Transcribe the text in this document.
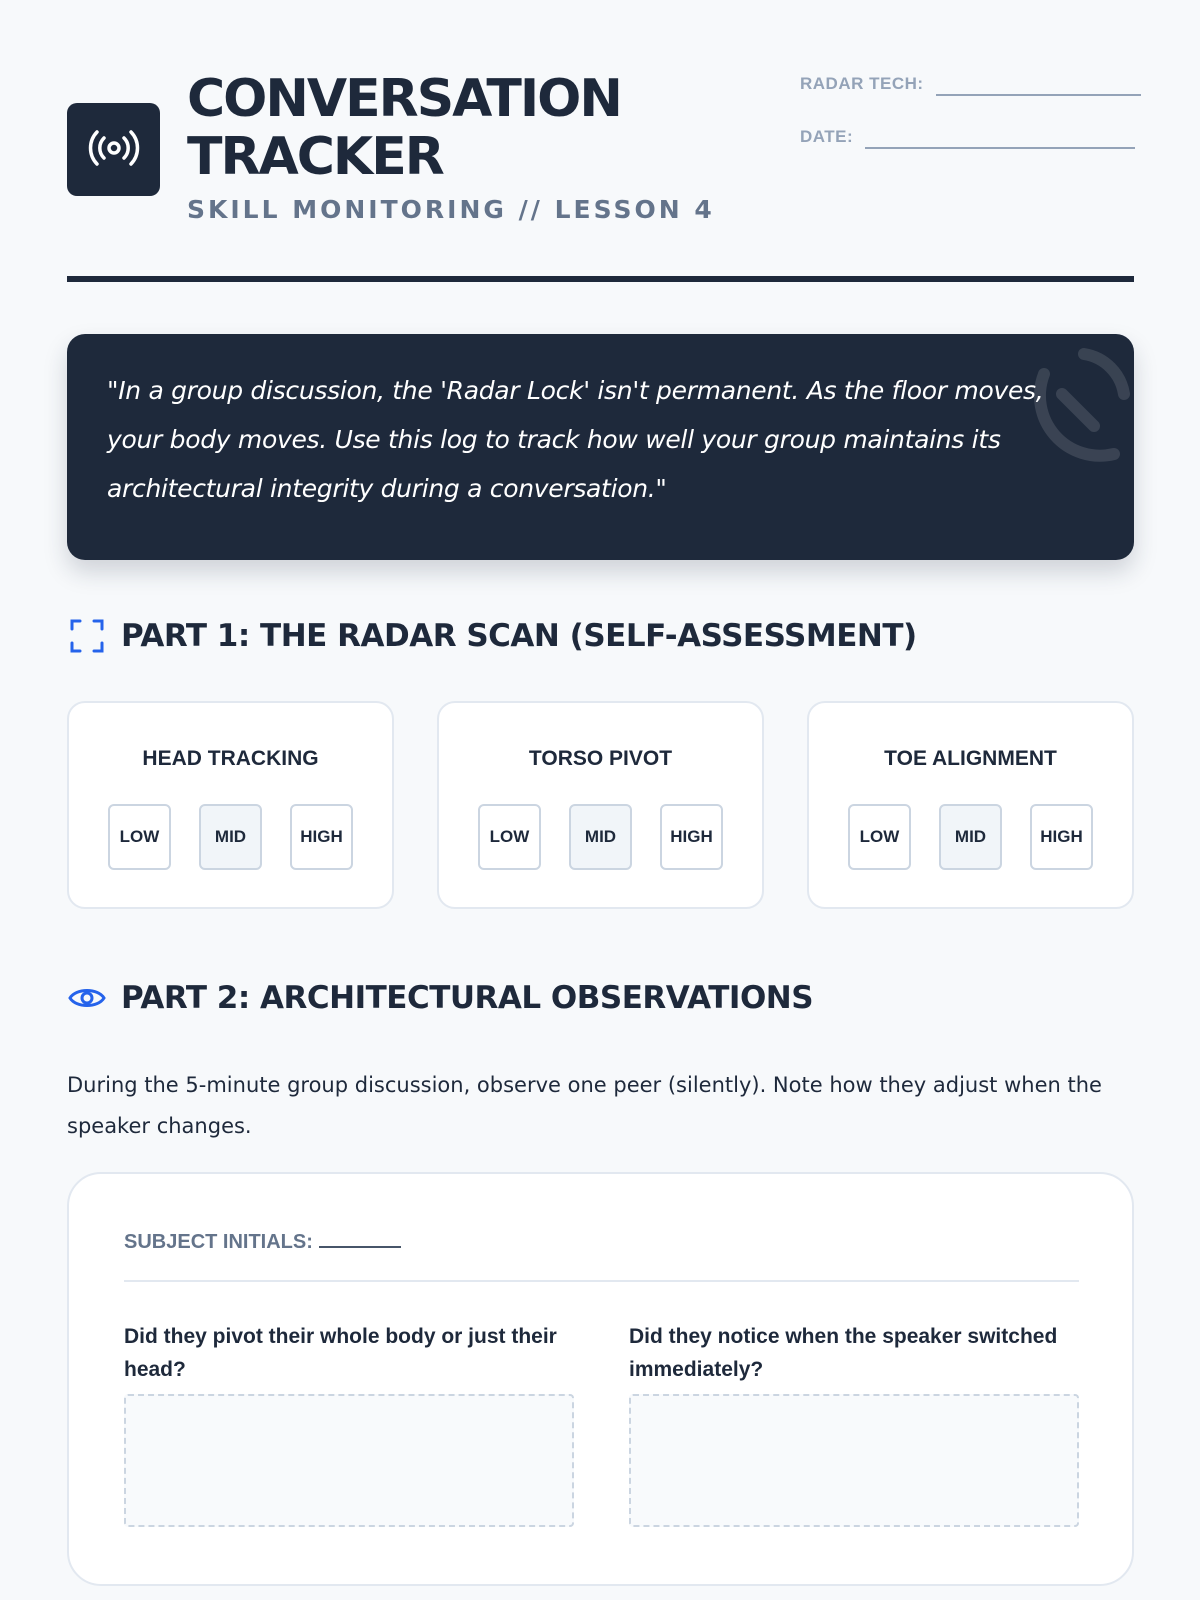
CONVERSATION TRACKER
SKILL MONITORING // LESSON 4
RADAR TECH:
DATE:
"In a group discussion, the 'Radar Lock' isn't permanent. As the floor moves, your body moves. Use this log to track how well your group maintains its architectural integrity during a conversation."
PART 1: THE RADAR SCAN (SELF-ASSESSMENT)
HEAD TRACKING
LOW	MID	HIGH
TORSO PIVOT
LOW	MID	HIGH
TOE ALIGNMENT
LOW	MID	HIGH
PART 2: ARCHITECTURAL OBSERVATIONS
During the 5-minute group discussion, observe one peer (silently). Note how they adjust when the speaker changes.
SUBJECT INITIALS:
Did they pivot their whole body or just their head?
Did they notice when the speaker switched immediately?
